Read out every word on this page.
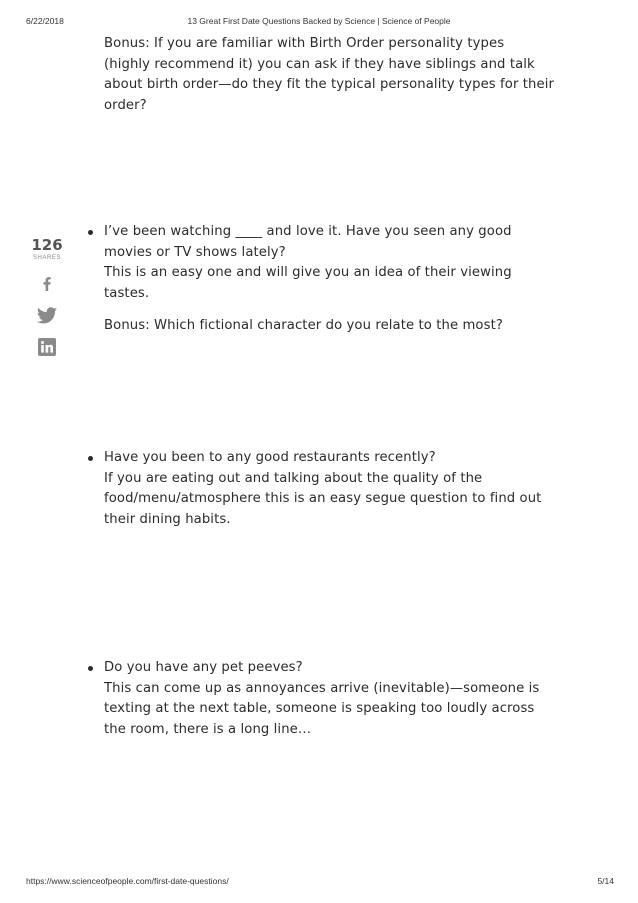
6/22/2018	13 Great First Date Questions Backed by Science | Science of People

Bonus: If you are familiar with Birth Order personality types (highly recommend it) you can ask if they have siblings and talk about birth order—do they fit the typical personality types for their order?

126
SHARES

I’ve been watching ____ and love it. Have you seen any good movies or TV shows lately?

This is an easy one and will give you an idea of their viewing tastes.

Bonus: Which fictional character do you relate to the most?

Have you been to any good restaurants recently?

If you are eating out and talking about the quality of the food/menu/atmosphere this is an easy segue question to find out their dining habits.

Do you have any pet peeves?

This can come up as annoyances arrive (inevitable)—someone is texting at the next table, someone is speaking too loudly across the room, there is a long line…

https://www.scienceofpeople.com/first-date-questions/	5/14
